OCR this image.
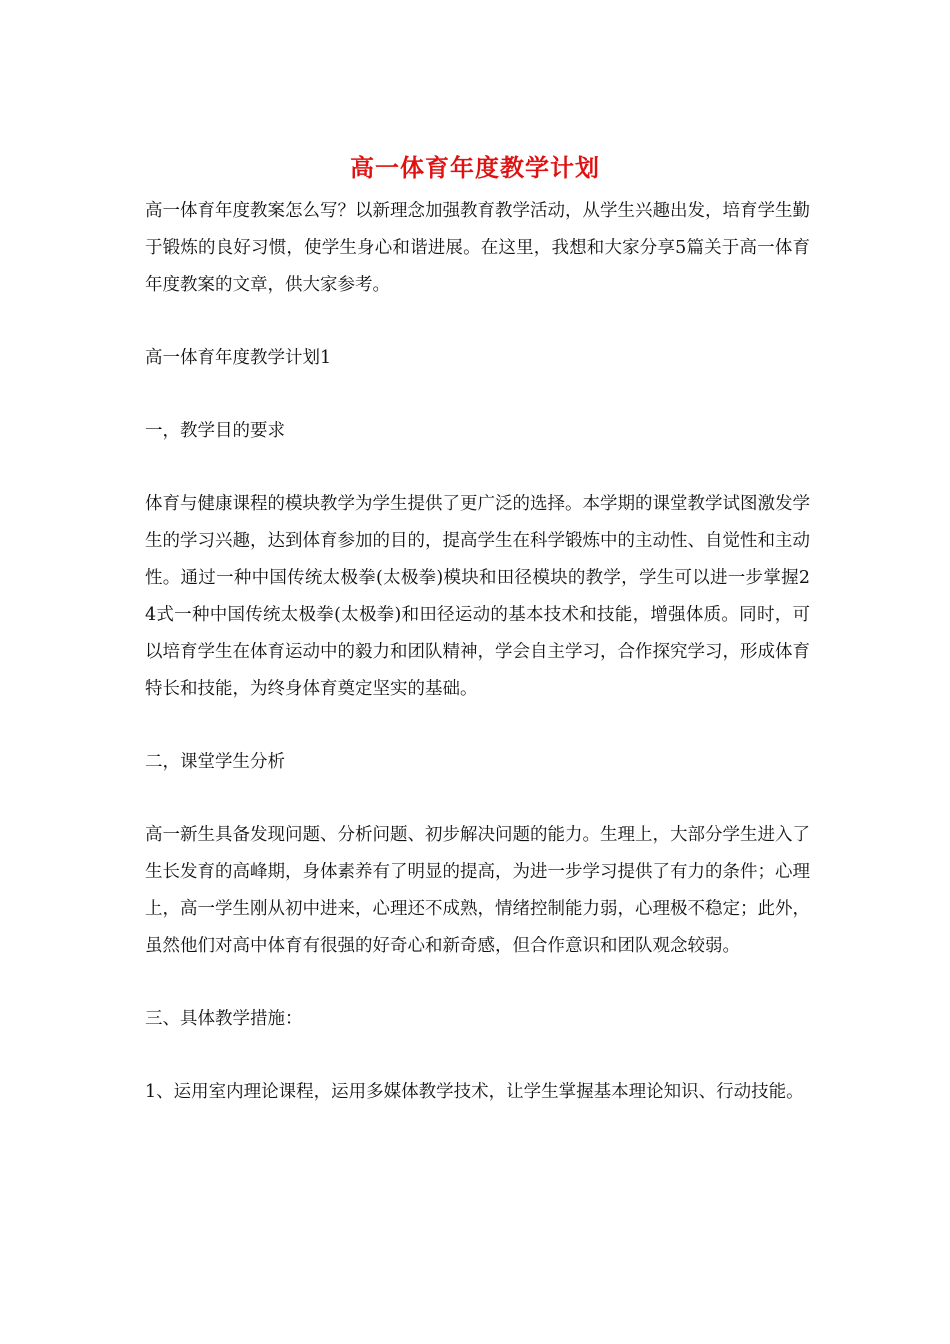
高一体育年度教学计划

高一体育年度教案怎么写？以新理念加强教育教学活动，从学生兴趣出发，培育学生勤于锻炼的良好习惯，使学生身心和谐进展。在这里，我想和大家分享5篇关于高一体育年度教案的文章，供大家参考。

高一体育年度教学计划1

一，教学目的要求

体育与健康课程的模块教学为学生提供了更广泛的选择。本学期的课堂教学试图激发学生的学习兴趣，达到体育参加的目的，提高学生在科学锻炼中的主动性、自觉性和主动性。通过一种中国传统太极拳(太极拳)模块和田径模块的教学，学生可以进一步掌握24式一种中国传统太极拳(太极拳)和田径运动的基本技术和技能，增强体质。同时，可以培育学生在体育运动中的毅力和团队精神，学会自主学习，合作探究学习，形成体育特长和技能，为终身体育奠定坚实的基础。

二，课堂学生分析

高一新生具备发现问题、分析问题、初步解决问题的能力。生理上，大部分学生进入了生长发育的高峰期，身体素养有了明显的提高，为进一步学习提供了有力的条件；心理上，高一学生刚从初中进来，心理还不成熟，情绪控制能力弱，心理极不稳定；此外，虽然他们对高中体育有很强的好奇心和新奇感，但合作意识和团队观念较弱。

三、具体教学措施：

1、运用室内理论课程，运用多媒体教学技术，让学生掌握基本理论知识、行动技能。
